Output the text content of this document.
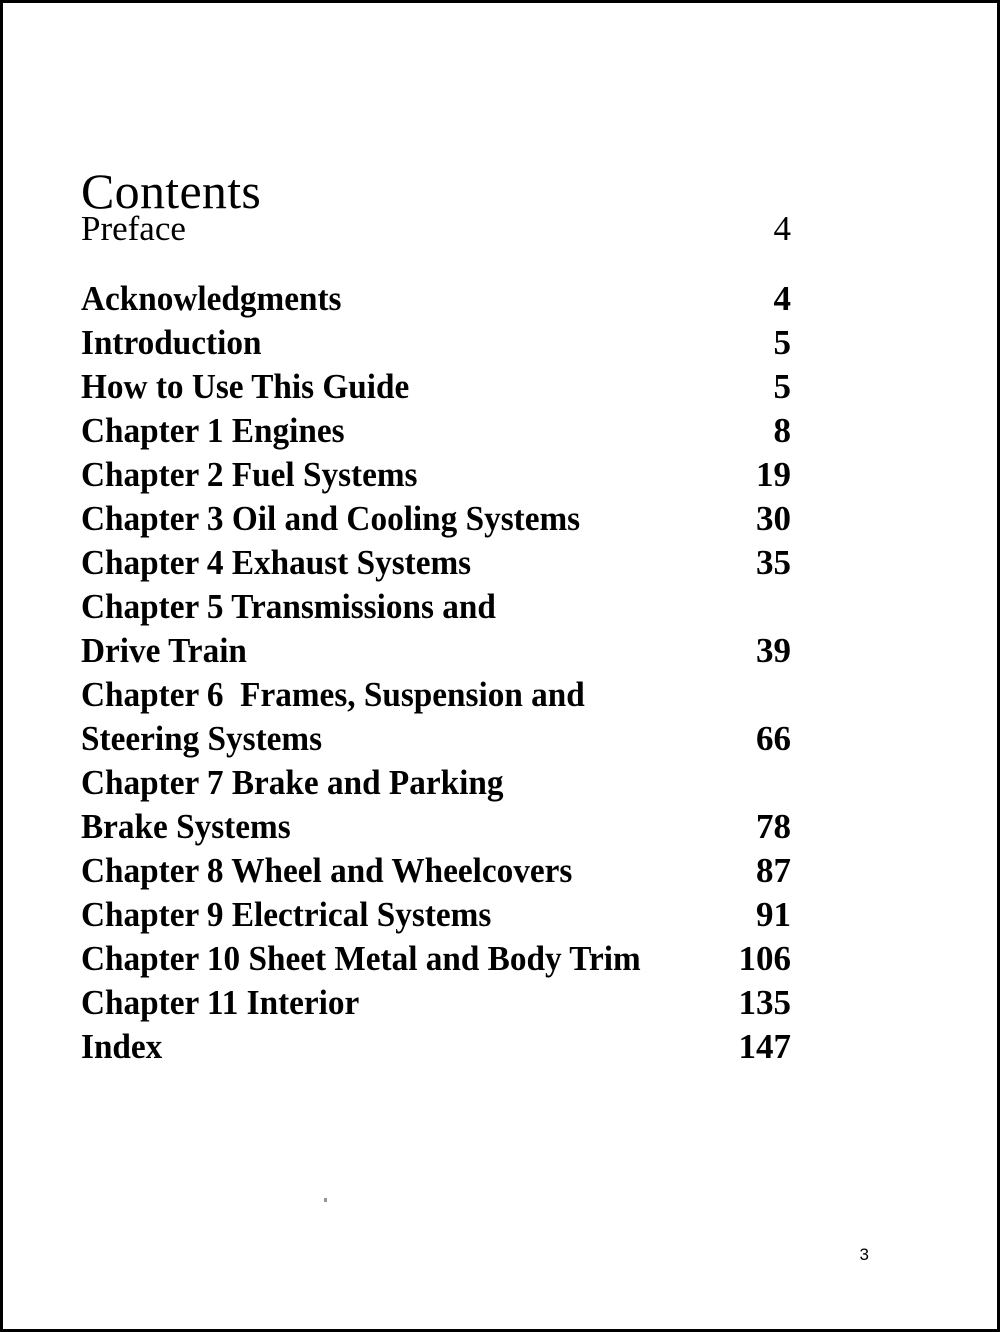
Contents
Preface	4
Acknowledgments	4
Introduction	5
How to Use This Guide	5
Chapter 1 Engines	8
Chapter 2 Fuel Systems	19
Chapter 3 Oil and Cooling Systems	30
Chapter 4 Exhaust Systems	35
Chapter 5 Transmissions and
Drive Train	39
Chapter 6  Frames, Suspension and
Steering Systems	66
Chapter 7 Brake and Parking
Brake Systems	78
Chapter 8 Wheel and Wheelcovers	87
Chapter 9 Electrical Systems	91
Chapter 10 Sheet Metal and Body Trim	106
Chapter 11 Interior	135
Index	147
3
